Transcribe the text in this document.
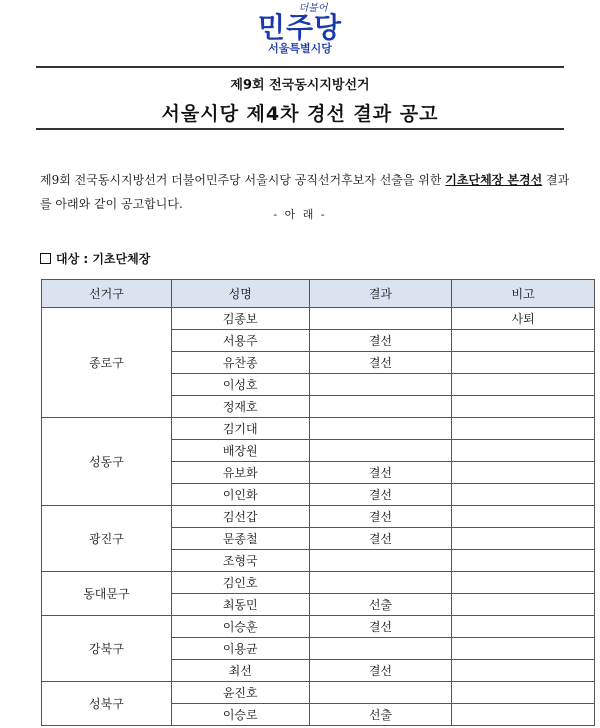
더불어
민주당
서울특별시당
제9회 전국동시지방선거
서울시당 제4차 경선 결과 공고
제9회 전국동시지방선거 더불어민주당 서울시당 공직선거후보자 선출을 위한 기초단체장 본경선 결과를 아래와 같이 공고합니다.
- 아 래 -
대상 : 기초단체장
선거구	성명	결과	비고
종로구	김종보		사퇴
	서용주	결선	
	유찬종	결선	
	이성호		
	정재호		
성동구	김기대		
	배장원		
	유보화	결선	
	이인화	결선	
광진구	김선갑	결선	
	문종철	결선	
	조형국		
동대문구	김인호		
	최동민	선출	
강북구	이승훈	결선	
	이용균		
	최선	결선	
성북구	윤진호		
	이승로	선출	
